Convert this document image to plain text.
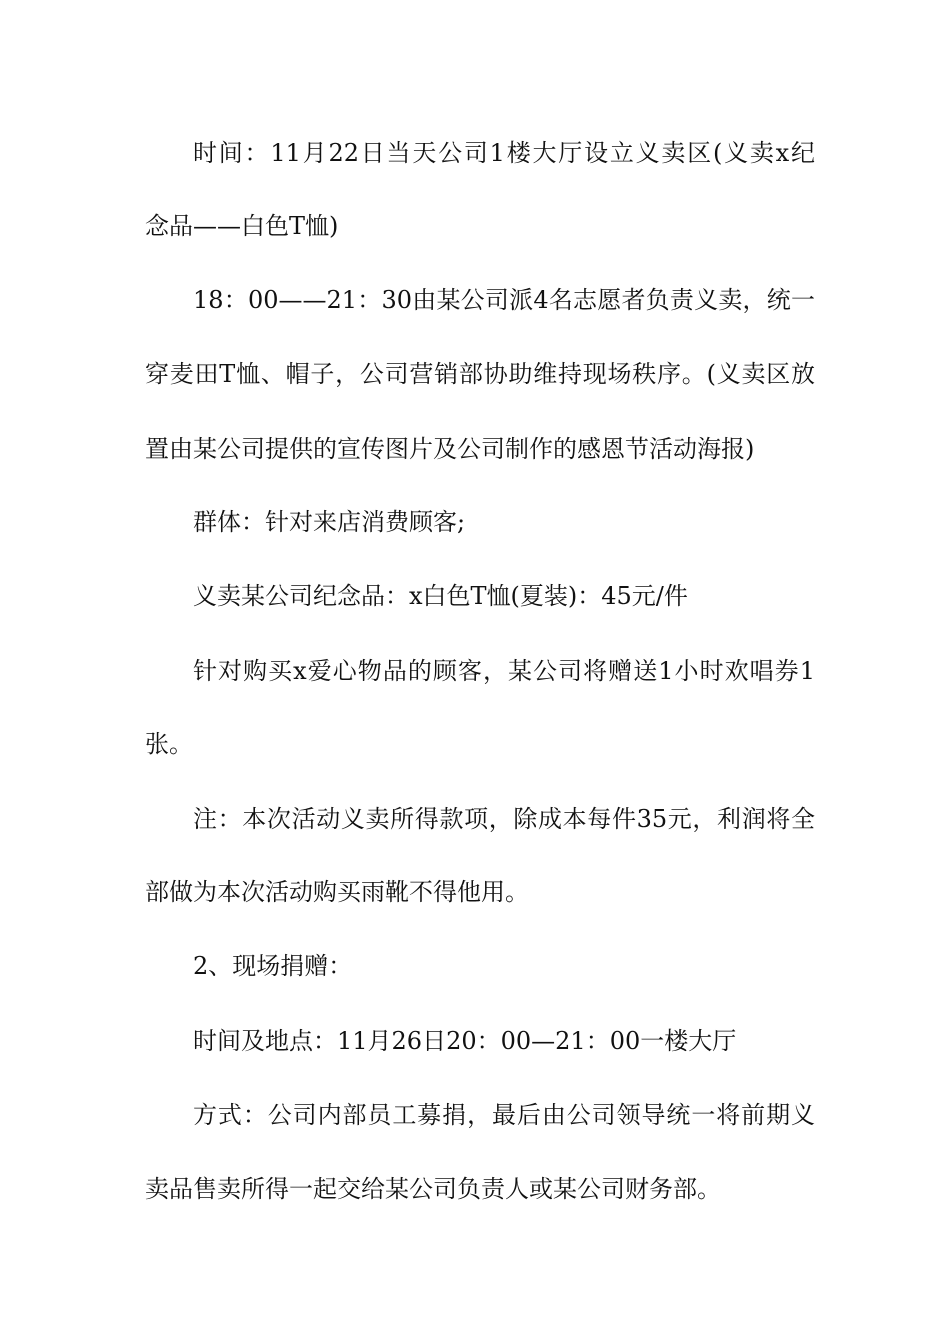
时间：11月22日当天公司1楼大厅设立义卖区(义卖x纪
念品——白色T恤)
18：00——21：30由某公司派4名志愿者负责义卖，统一
穿麦田T恤、帽子，公司营销部协助维持现场秩序。(义卖区放
置由某公司提供的宣传图片及公司制作的感恩节活动海报)
群体：针对来店消费顾客;
义卖某公司纪念品：x白色T恤(夏装)：45元/件
针对购买x爱心物品的顾客，某公司将赠送1小时欢唱券1
张。
注：本次活动义卖所得款项，除成本每件35元，利润将全
部做为本次活动购买雨靴不得他用。
2、现场捐赠：
时间及地点：11月26日20：00—21：00一楼大厅
方式：公司内部员工募捐，最后由公司领导统一将前期义
卖品售卖所得一起交给某公司负责人或某公司财务部。
